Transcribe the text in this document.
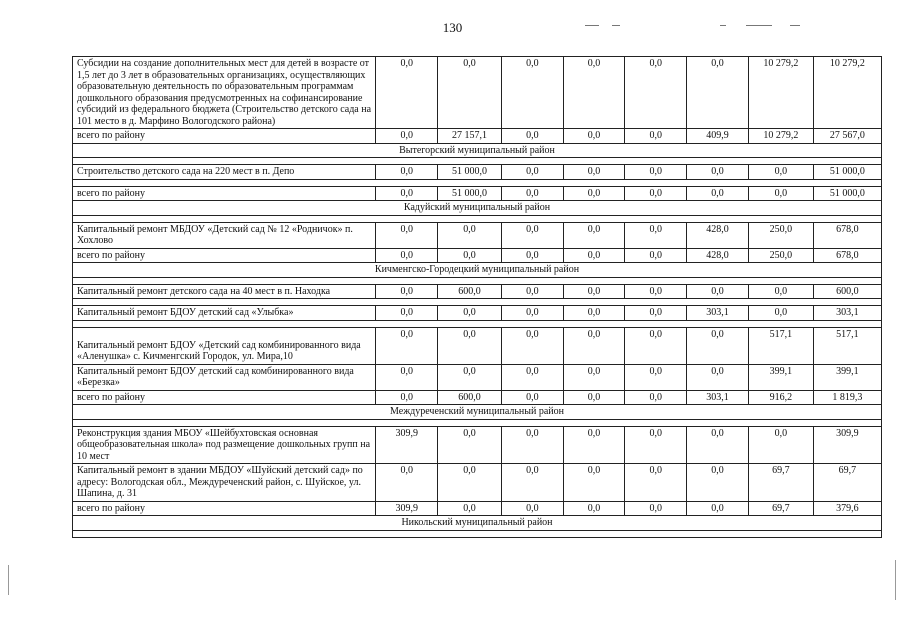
130
Субсидии на создание дополнительных мест для детей в возрасте от 1,5 лет до 3 лет в образовательных организациях, осуществляющих образовательную деятельность по образовательным программам дошкольного образования предусмотренных на софинансирование субсидий из федерального бюджета (Строительство детского сада на 101 место в д. Марфино Вологодского района)	0,0	0,0	0,0	0,0	0,0	0,0	10 279,2	10 279,2
всего по району	0,0	27 157,1	0,0	0,0	0,0	409,9	10 279,2	27 567,0
Вытегорский муниципальный район								

Строительство детского сада на 220 мест в п. Депо	0,0	51 000,0	0,0	0,0	0,0	0,0	0,0	51 000,0

всего по району	0,0	51 000,0	0,0	0,0	0,0	0,0	0,0	51 000,0
Кадуйский муниципальный район								

Капитальный ремонт МБДОУ «Детский сад № 12 «Родничок» п. Хохлово	0,0	0,0	0,0	0,0	0,0	428,0	250,0	678,0
всего по району	0,0	0,0	0,0	0,0	0,0	428,0	250,0	678,0
Кичменгско-Городецкий муниципальный район								

Капитальный ремонт детского сада на 40 мест в п. Находка	0,0	600,0	0,0	0,0	0,0	0,0	0,0	600,0

Капитальный ремонт БДОУ детский сад «Улыбка»	0,0	0,0	0,0	0,0	0,0	303,1	0,0	303,1

Капитальный ремонт БДОУ «Детский сад комбинированного вида «Аленушка» с. Кичменгский Городок, ул. Мира,10	0,0	0,0	0,0	0,0	0,0	0,0	517,1	517,1
Капитальный ремонт БДОУ детский сад комбинированного вида «Березка»	0,0	0,0	0,0	0,0	0,0	0,0	399,1	399,1
всего по району	0,0	600,0	0,0	0,0	0,0	303,1	916,2	1 819,3
Междуреченский муниципальный район								

Реконструкция здания МБОУ «Шейбухтовская основная общеобразовательная школа» под размещение дошкольных групп на 10 мест	309,9	0,0	0,0	0,0	0,0	0,0	0,0	309,9
Капитальный ремонт в здании МБДОУ «Шуйский детский сад» по адресу: Вологодская обл., Междуреченский район, с. Шуйское, ул. Шапина, д. 31	0,0	0,0	0,0	0,0	0,0	0,0	69,7	69,7
всего по району	309,9	0,0	0,0	0,0	0,0	0,0	69,7	379,6
Никольский муниципальный район								
